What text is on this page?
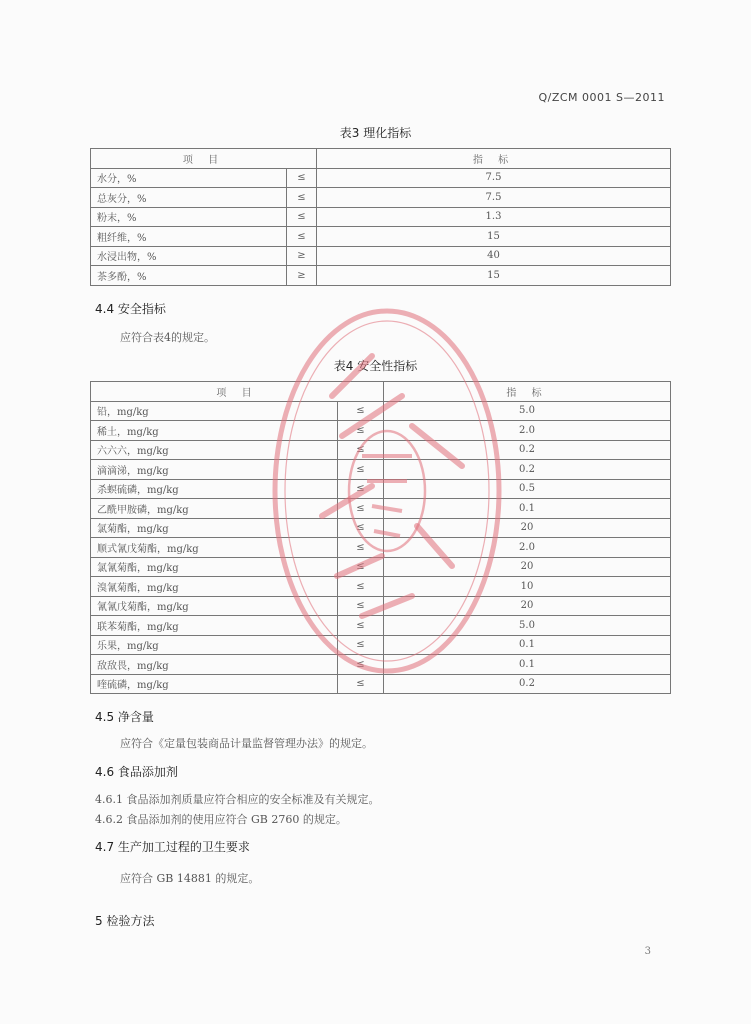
Q/ZCM 0001 S—2011
表3 理化指标
项 目		指 标
水分，%	≤	7.5
总灰分，%	≤	7.5
粉末，%	≤	1.3
粗纤维，%	≤	15
水浸出物，%	≥	40
茶多酚，%	≥	15
4.4 安全指标
应符合表4的规定。
表4 安全性指标
项 目		指 标
铅，mg/kg	≤	5.0
稀土，mg/kg	≤	2.0
六六六，mg/kg	≤	0.2
滴滴涕，mg/kg	≤	0.2
杀螟硫磷，mg/kg	≤	0.5
乙酰甲胺磷，mg/kg	≤	0.1
氯菊酯，mg/kg	≤	20
顺式氰戊菊酯，mg/kg	≤	2.0
氯氰菊酯，mg/kg	≤	20
溴氰菊酯，mg/kg	≤	10
氰氰戊菊酯，mg/kg	≤	20
联苯菊酯，mg/kg	≤	5.0
乐果，mg/kg	≤	0.1
敌敌畏，mg/kg	≤	0.1
喹硫磷，mg/kg	≤	0.2
4.5 净含量
应符合《定量包装商品计量监督管理办法》的规定。
4.6 食品添加剂
4.6.1 食品添加剂质量应符合相应的安全标准及有关规定。
4.6.2 食品添加剂的使用应符合 GB 2760 的规定。
4.7 生产加工过程的卫生要求
应符合 GB 14881 的规定。
5 检验方法
3
